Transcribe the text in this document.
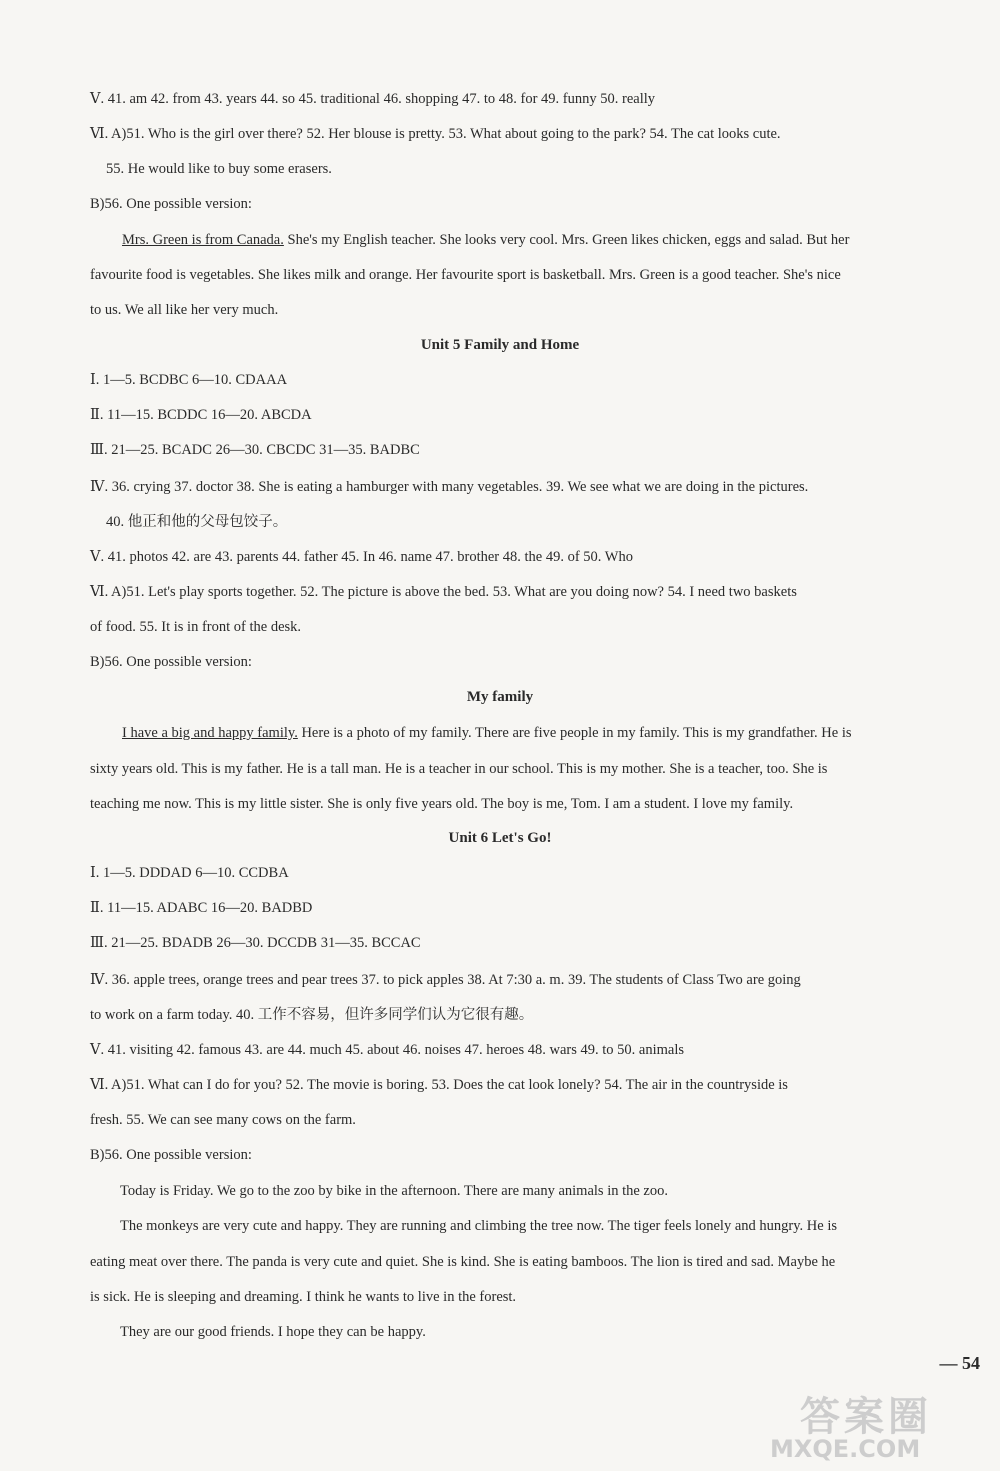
Ⅴ. 41. am 42. from 43. years 44. so 45. traditional 46. shopping 47. to 48. for 49. funny 50. really
Ⅵ. A)51. Who is the girl over there? 52. Her blouse is pretty. 53. What about going to the park? 54. The cat looks cute.
55. He would like to buy some erasers.
B)56. One possible version:
Mrs. Green is from Canada. She's my English teacher. She looks very cool. Mrs. Green likes chicken, eggs and salad. But her
favourite food is vegetables. She likes milk and orange. Her favourite sport is basketball. Mrs. Green is a good teacher. She's nice
to us. We all like her very much.
Unit 5 Family and Home
Ⅰ. 1—5. BCDBC 6—10. CDAAA
Ⅱ. 11—15. BCDDC 16—20. ABCDA
Ⅲ. 21—25. BCADC 26—30. CBCDC 31—35. BADBC
Ⅳ. 36. crying 37. doctor 38. She is eating a hamburger with many vegetables. 39. We see what we are doing in the pictures.
40. 他正和他的父母包饺子。
Ⅴ. 41. photos 42. are 43. parents 44. father 45. In 46. name 47. brother 48. the 49. of 50. Who
Ⅵ. A)51. Let's play sports together. 52. The picture is above the bed. 53. What are you doing now? 54. I need two baskets
of food. 55. It is in front of the desk.
B)56. One possible version:
My family
I have a big and happy family. Here is a photo of my family. There are five people in my family. This is my grandfather. He is
sixty years old. This is my father. He is a tall man. He is a teacher in our school. This is my mother. She is a teacher, too. She is
teaching me now. This is my little sister. She is only five years old. The boy is me, Tom. I am a student. I love my family.
Unit 6 Let's Go!
Ⅰ. 1—5. DDDAD 6—10. CCDBA
Ⅱ. 11—15. ADABC 16—20. BADBD
Ⅲ. 21—25. BDADB 26—30. DCCDB 31—35. BCCAC
Ⅳ. 36. apple trees, orange trees and pear trees 37. to pick apples 38. At 7:30 a. m. 39. The students of Class Two are going
to work on a farm today. 40. 工作不容易，但许多同学们认为它很有趣。
Ⅴ. 41. visiting 42. famous 43. are 44. much 45. about 46. noises 47. heroes 48. wars 49. to 50. animals
Ⅵ. A)51. What can I do for you? 52. The movie is boring. 53. Does the cat look lonely? 54. The air in the countryside is
fresh. 55. We can see many cows on the farm.
B)56. One possible version:
Today is Friday. We go to the zoo by bike in the afternoon. There are many animals in the zoo.
The monkeys are very cute and happy. They are running and climbing the tree now. The tiger feels lonely and hungry. He is
eating meat over there. The panda is very cute and quiet. She is kind. She is eating bamboos. The lion is tired and sad. Maybe he
is sick. He is sleeping and dreaming. I think he wants to live in the forest.
They are our good friends. I hope they can be happy.
— 54
答案圈
MXQE.COM
